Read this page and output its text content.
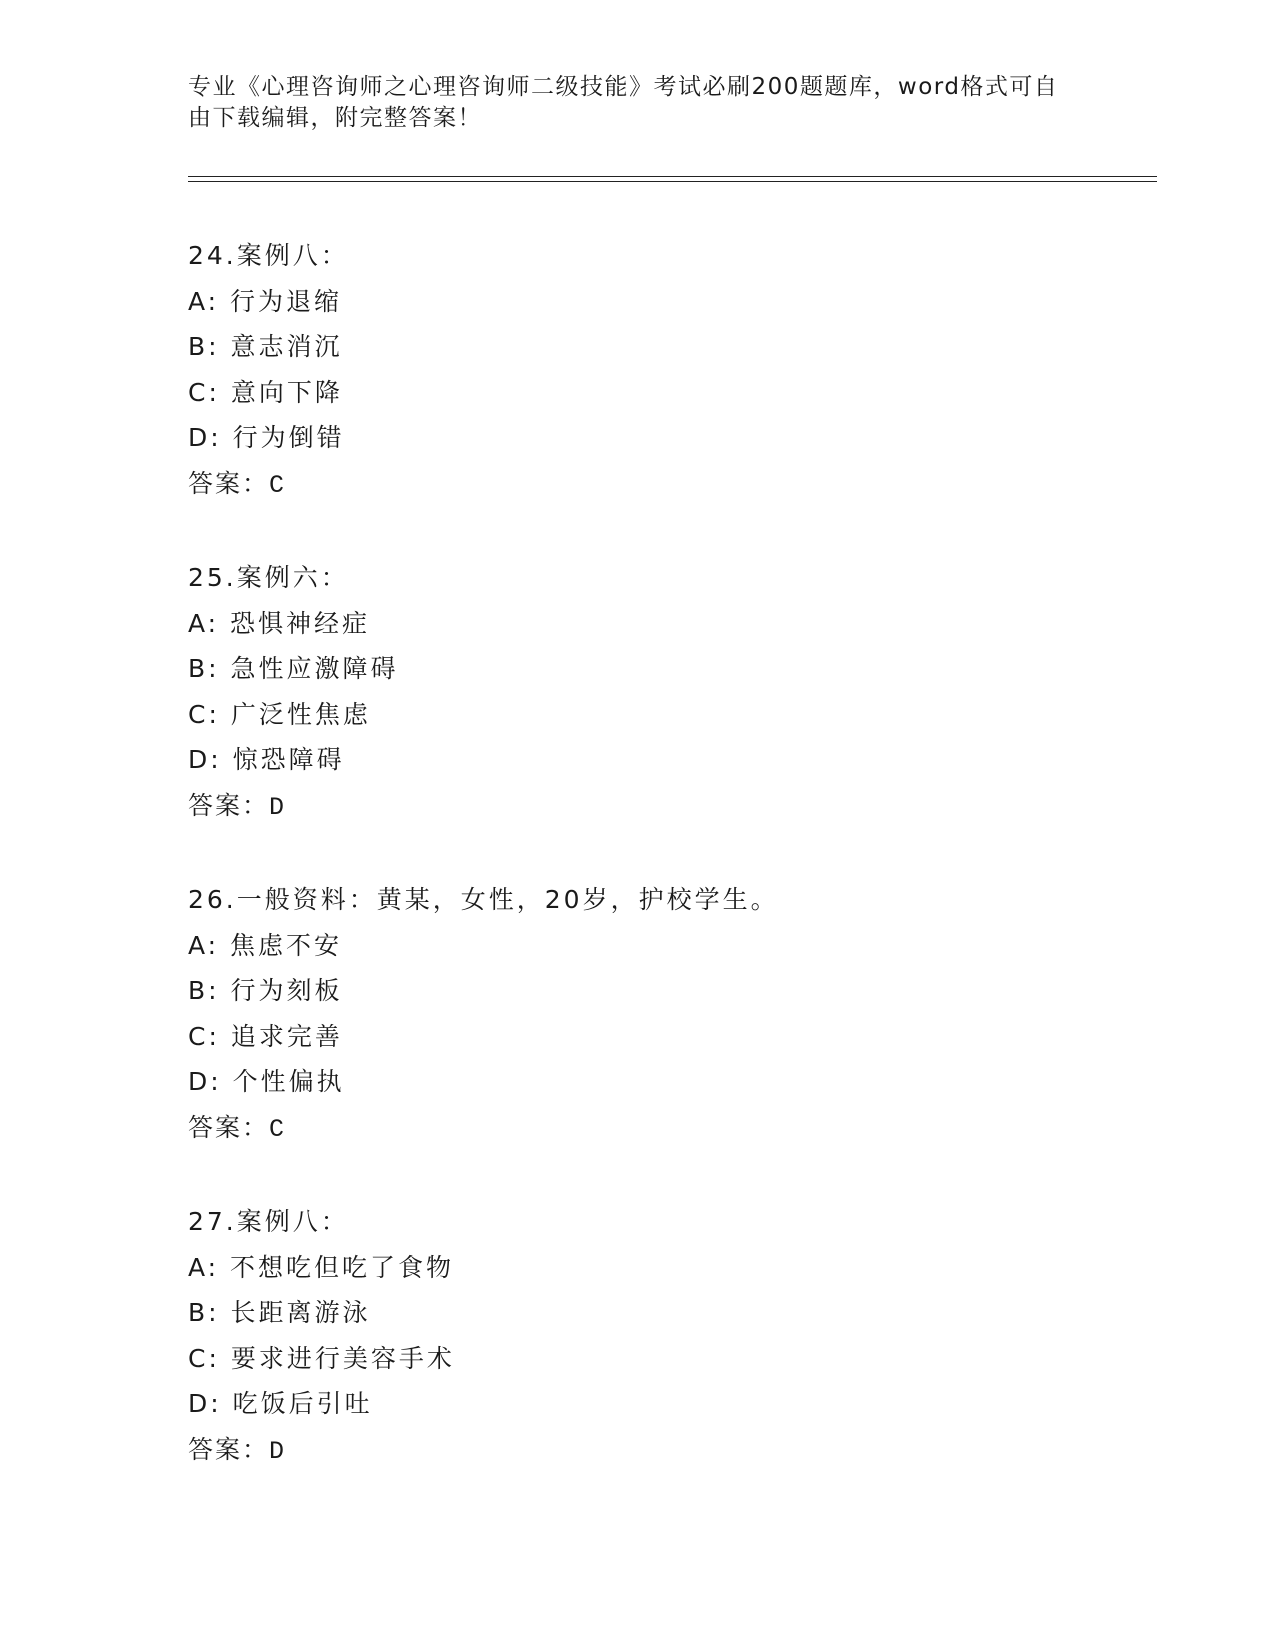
专业《心理咨询师之心理咨询师二级技能》考试必刷200题题库，word格式可自
由下载编辑，附完整答案！
24.案例八：
A: 行为退缩
B: 意志消沉
C: 意向下降
D: 行为倒错
答案：C
25.案例六：
A: 恐惧神经症
B: 急性应激障碍
C: 广泛性焦虑
D: 惊恐障碍
答案：D
26.一般资料：黄某，女性，20岁，护校学生。
A: 焦虑不安
B: 行为刻板
C: 追求完善
D: 个性偏执
答案：C
27.案例八：
A: 不想吃但吃了食物
B: 长距离游泳
C: 要求进行美容手术
D: 吃饭后引吐
答案：D
